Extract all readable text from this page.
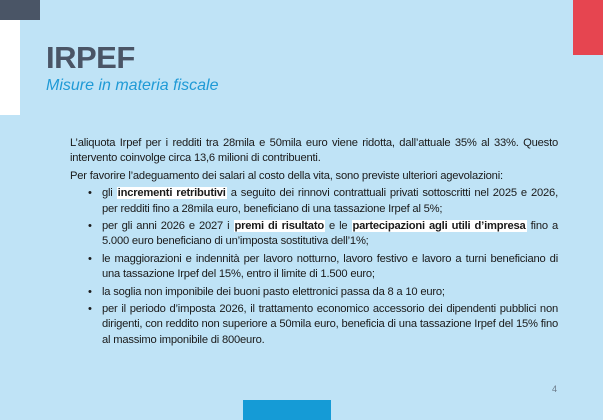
IRPEF
Misure in materia fiscale

L’aliquota Irpef per i redditi tra 28mila e 50mila euro viene ridotta, dall’attuale 35% al 33%. Questo intervento coinvolge circa 13,6 milioni di contribuenti.

Per favorire l’adeguamento dei salari al costo della vita, sono previste ulteriori agevolazioni:

• gli incrementi retributivi a seguito dei rinnovi contrattuali privati sottoscritti nel 2025 e 2026, per redditi fino a 28mila euro, beneficiano di una tassazione Irpef al 5%;
• per gli anni 2026 e 2027 i premi di risultato e le partecipazioni agli utili d’impresa fino a 5.000 euro beneficiano di un’imposta sostitutiva dell’1%;
• le maggiorazioni e indennità per lavoro notturno, lavoro festivo e lavoro a turni beneficiano di una tassazione Irpef del 15%, entro il limite di 1.500 euro;
• la soglia non imponibile dei buoni pasto elettronici passa da 8 a 10 euro;
• per il periodo d’imposta 2026, il trattamento economico accessorio dei dipendenti pubblici non dirigenti, con reddito non superiore a 50mila euro, beneficia di una tassazione Irpef del 15% fino al massimo imponibile di 800euro.
4
